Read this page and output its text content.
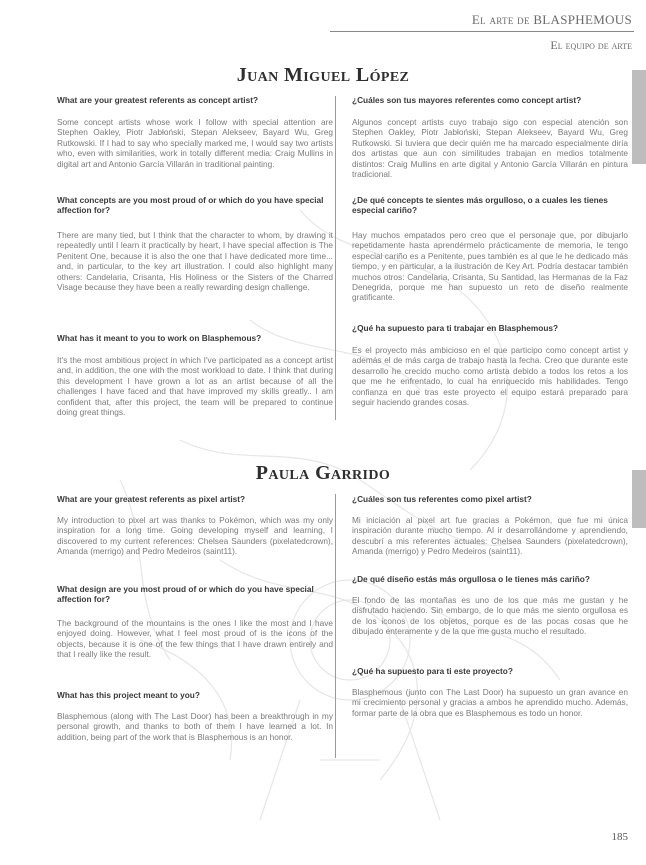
El arte de BLASPHEMOUS
El equipo de arte
Juan Miguel López
What are your greatest referents as concept artist?
Some concept artists whose work I follow with special attention are Stephen Oakley, Piotr Jabłoński, Stepan Alekseev, Bayard Wu, Greg Rutkowski. If I had to say who specially marked me, I would say two artists who, even with similarities, work in totally different media: Craig Mullins in digital art and Antonio García Villarán in traditional painting.
What concepts are you most proud of or which do you have special affection for?
There are many tied, but I think that the character to whom, by drawing it repeatedly until I learn it practically by heart, I have special affection is The Penitent One, because it is also the one that I have dedicated more time... and, in particular, to the key art illustration. I could also highlight many others: Candelaria, Crisanta, His Holiness or the Sisters of the Charred Visage because they have been a really rewarding design challenge.
What has it meant to you to work on Blasphemous?
It's the most ambitious project in which I've participated as a concept artist and, in addition, the one with the most workload to date. I think that during this development I have grown a lot as an artist because of all the challenges I have faced and that have improved my skills greatly.. I am confident that, after this project, the team will be prepared to continue doing great things.
¿Cuáles son tus mayores referentes como concept artist?
Algunos concept artists cuyo trabajo sigo con especial atención son Stephen Oakley, Piotr Jabłoński, Stepan Alekseev, Bayard Wu, Greg Rutkowski. Si tuviera que decir quién me ha marcado especialmente diría dos artistas que aun con similitudes trabajan en medios totalmente distintos: Craig Mullins en arte digital y Antonio García Villarán en pintura tradicional.
¿De qué concepts te sientes más orgulloso, o a cuales les tienes especial cariño?
Hay muchos empatados pero creo que el personaje que, por dibujarlo repetidamente hasta aprendérmelo prácticamente de memoria, le tengo especial cariño es a Penitente, pues también es al que le he dedicado más tiempo, y en particular, a la ilustración de Key Art. Podría destacar también muchos otros: Candelaria, Crisanta, Su Santidad, las Hermanas de la Faz Denegrida, porque me han supuesto un reto de diseño realmente gratificante.
¿Qué ha supuesto para ti trabajar en Blasphemous?
Es el proyecto más ambicioso en el que participo como concept artist y además el de más carga de trabajo hasta la fecha. Creo que durante este desarrollo he crecido mucho como artista debido a todos los retos a los que me he enfrentado, lo cual ha enriquecido mis habilidades. Tengo confianza en que tras este proyecto el equipo estará preparado para seguir haciendo grandes cosas.
Paula Garrido
What are your greatest referents as pixel artist?
My introduction to pixel art was thanks to Pokémon, which was my only inspiration for a long time. Going developing myself and learning, I discovered to my current references: Chelsea Saunders (pixelatedcrown), Amanda (merrigo) and Pedro Medeiros (saint11).
What design are you most proud of or which do you have special affection for?
The background of the mountains is the ones I like the most and I have enjoyed doing. However, what I feel most proud of is the icons of the objects, because it is one of the few things that I have drawn entirely and that I really like the result.
What has this project meant to you?
Blasphemous (along with The Last Door) has been a breakthrough in my personal growth, and thanks to both of them I have learned a lot. In addition, being part of the work that is Blasphemous is an honor.
¿Cuáles son tus referentes como pixel artist?
Mi iniciación al pixel art fue gracias a Pokémon, que fue mi única inspiración durante mucho tiempo. Al ir desarrollándome y aprendiendo, descubrí a mis referentes actuales: Chelsea Saunders (pixelatedcrown), Amanda (merrigo) y Pedro Medeiros (saint11).
¿De qué diseño estás más orgullosa o le tienes más cariño?
El fondo de las montañas es uno de los que más me gustan y he disfrutado haciendo. Sin embargo, de lo que más me siento orgullosa es de los iconos de los objetos, porque es de las pocas cosas que he dibujado enteramente y de la que me gusta mucho el resultado.
¿Qué ha supuesto para ti este proyecto?
Blasphemous (junto con The Last Door) ha supuesto un gran avance en mi crecimiento personal y gracias a ambos he aprendido mucho. Además, formar parte de la obra que es Blasphemous es todo un honor.
185
